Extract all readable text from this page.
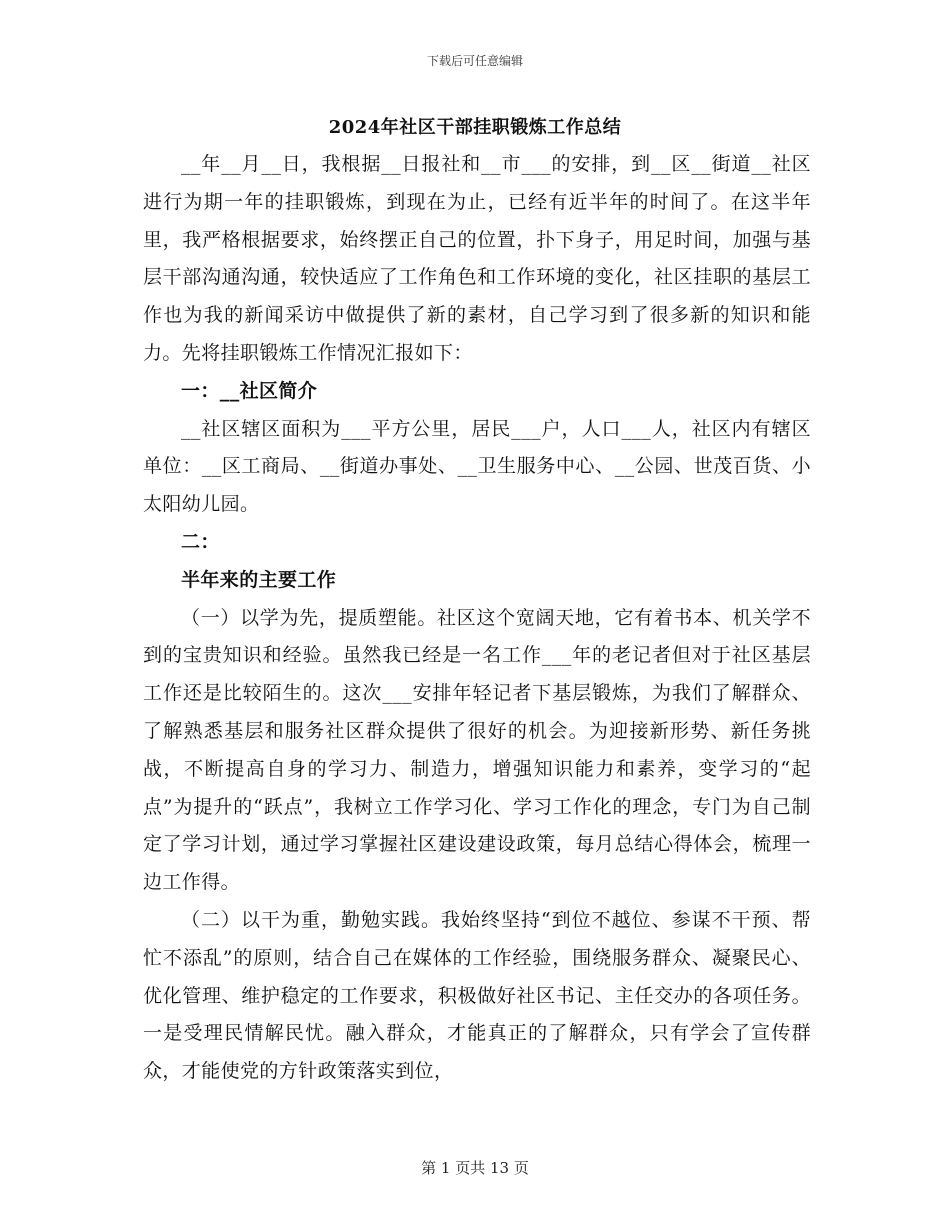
下载后可任意编辑
2024年社区干部挂职锻炼工作总结

__年__月__日，我根据__日报社和__市___的安排，到__区__街道__社区进行为期一年的挂职锻炼，到现在为止，已经有近半年的时间了。在这半年里，我严格根据要求，始终摆正自己的位置，扑下身子，用足时间，加强与基层干部沟通沟通，较快适应了工作角色和工作环境的变化，社区挂职的基层工作也为我的新闻采访中做提供了新的素材，自己学习到了很多新的知识和能力。先将挂职锻炼工作情况汇报如下：

一：__社区简介

__社区辖区面积为___平方公里，居民___户，人口___人，社区内有辖区单位：__区工商局、__街道办事处、__卫生服务中心、__公园、世茂百货、小太阳幼儿园。

二：

半年来的主要工作

（一）以学为先，提质塑能。社区这个宽阔天地，它有着书本、机关学不到的宝贵知识和经验。虽然我已经是一名工作___年的老记者但对于社区基层工作还是比较陌生的。这次___安排年轻记者下基层锻炼，为我们了解群众、了解熟悉基层和服务社区群众提供了很好的机会。为迎接新形势、新任务挑战，不断提高自身的学习力、制造力，增强知识能力和素养，变学习的“起点”为提升的“跃点”，我树立工作学习化、学习工作化的理念，专门为自己制定了学习计划，通过学习掌握社区建设建设政策，每月总结心得体会，梳理一边工作得。

（二）以干为重，勤勉实践。我始终坚持“到位不越位、参谋不干预、帮忙不添乱”的原则，结合自己在媒体的工作经验，围绕服务群众、凝聚民心、优化管理、维护稳定的工作要求，积极做好社区书记、主任交办的各项任务。一是受理民情解民忧。融入群众，才能真正的了解群众，只有学会了宣传群众，才能使党的方针政策落实到位，

第 1 页共 13 页
